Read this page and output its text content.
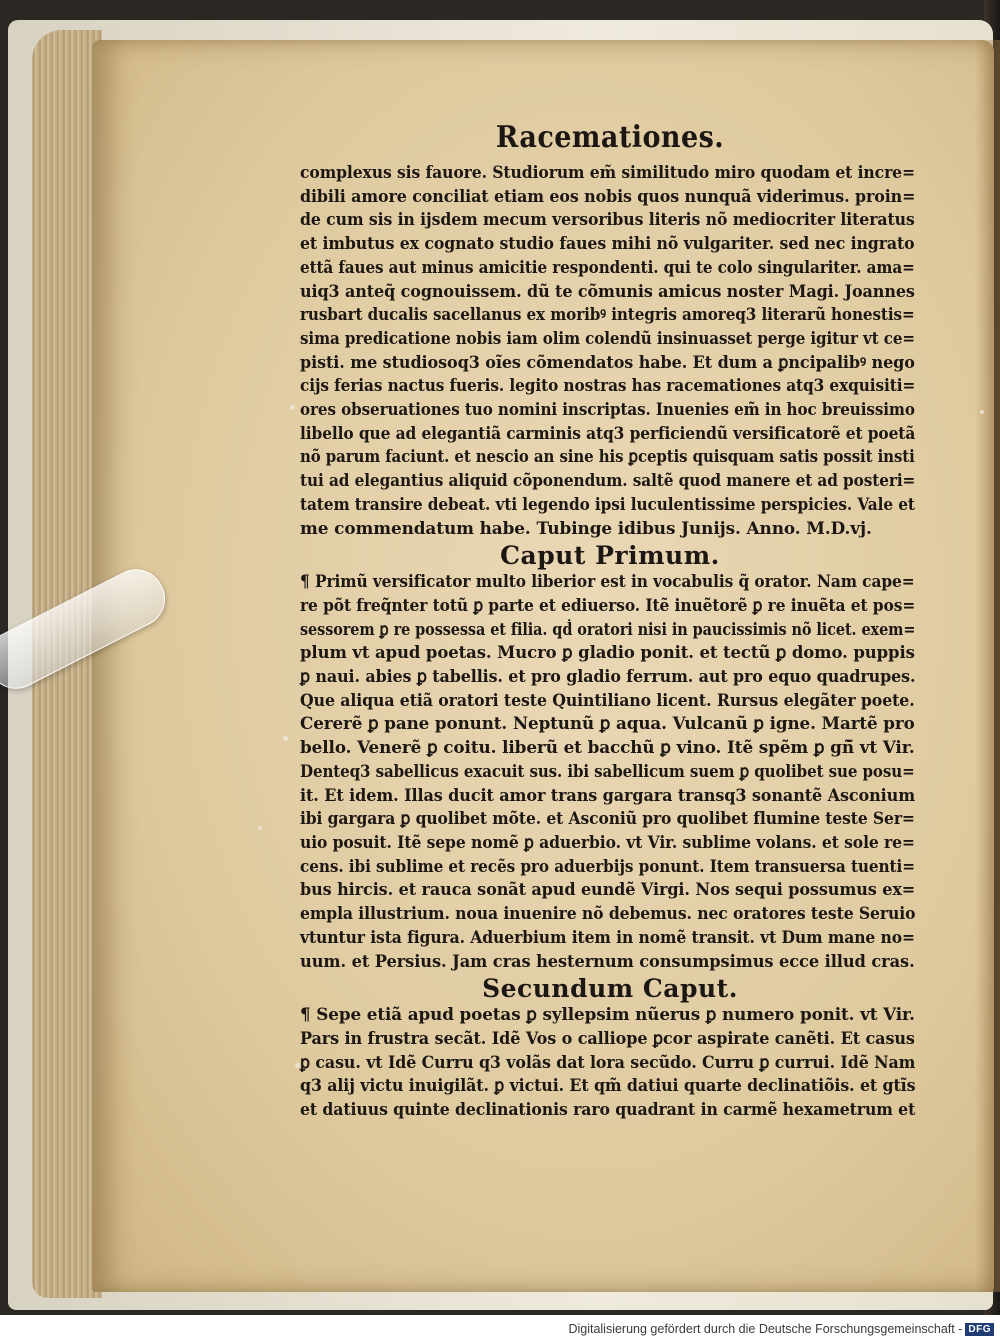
Racemationes.
complexus sis fauore. Studiorum em̃ similitudo miro quodam et incre=
dibili amore conciliat etiam eos nobis quos nunquã viderimus. proin=
de cum sis in ijsdem mecum versoribus literis nõ mediocriter literatus
et imbutus ex cognato studio faues mihi nõ vulgariter. sed nec ingrato
ettã faues aut minus amicitie respondenti. qui te colo singulariter. ama=
uiq3 anteq̃ cognouissem. dũ te cõmunis amicus noster Magi. Joannes
rusbart ducalis sacellanus ex moribꝰ integris amoreq3 literarũ honestis=
sima predicatione nobis iam olim colendũ insinuasset perge igitur vt ce=
pisti. me studiosoq3 oĩes cõmendatos habe. Et dum a ꝑncipalibꝰ nego
cijs ferias nactus fueris. legito nostras has racemationes atq3 exquisiti=
ores obseruationes tuo nomini inscriptas. Inuenies em̃ in hoc breuissimo
libello que ad elegantiã carminis atq3 perficiendũ versificatorẽ et poetã
nõ parum faciunt. et nescio an sine his ꝑceptis quisquam satis possit insti
tui ad elegantius aliquid cõponendum. saltẽ quod manere et ad posteri=
tatem transire debeat. vti legendo ipsi luculentissime perspicies. Vale et
me commendatum habe. Tubinge idibus Junijs. Anno. M.D.vj.
Caput Primum.
¶ Primũ versificator multo liberior est in vocabulis q̃ orator. Nam cape=
re põt freq̃nter totũ ꝑ parte et ediuerso. Itẽ inuẽtorẽ ꝑ re inuẽta et pos=
sessorem ꝑ re possessa et filia. qḋ oratori nisi in paucissimis nõ licet. exem=
plum vt apud poetas. Mucro ꝑ gladio ponit. et tectũ ꝑ domo. puppis
ꝑ naui. abies ꝑ tabellis. et pro gladio ferrum. aut pro equo quadrupes.
Que aliqua etiã oratori teste Quintiliano licent. Rursus elegãter poete.
Cererẽ ꝑ pane ponunt. Neptunũ ꝑ aqua. Vulcanũ ꝑ igne. Martẽ pro
bello. Venerẽ ꝑ coitu. liberũ et bacchũ ꝑ vino. Itẽ spẽm ꝑ gñ̃ vt Vir.
Denteq3 sabellicus exacuit sus. ibi sabellicum suem ꝑ quolibet sue posu=
it. Et idem. Illas ducit amor trans gargara transq3 sonantẽ Asconium
ibi gargara ꝑ quolibet mõte. et Asconiũ pro quolibet flumine teste Ser=
uio posuit. Itẽ sepe nomẽ ꝑ aduerbio. vt Vir. sublime volans. et sole re=
cens. ibi sublime et recẽs pro aduerbijs ponunt. Item transuersa tuenti=
bus hircis. et rauca sonãt apud eundẽ Virgi. Nos sequi possumus ex=
empla illustrium. noua inuenire nõ debemus. nec oratores teste Seruio
vtuntur ista figura. Aduerbium item in nomẽ transit. vt Dum mane no=
uum. et Persius. Jam cras hesternum consumpsimus ecce illud cras.
Secundum Caput.
¶ Sepe etiã apud poetas ꝑ syllepsim nũerus ꝑ numero ponit. vt Vir.
Pars in frustra secãt. Idẽ Vos o calliope ꝑcor aspirate canẽti. Et casus
ꝑ casu. vt Idẽ Curru q3 volãs dat lora secũdo. Curru ꝑ currui. Idẽ Nam
q3 alij victu inuigilãt. ꝑ victui. Et qm̃ datiui quarte declinatiõis. et gtĩs
et datiuus quinte declinationis raro quadrant in carmẽ hexametrum et
Digitalisierung gefördert durch die Deutsche Forschungsgemeinschaft - DFG
